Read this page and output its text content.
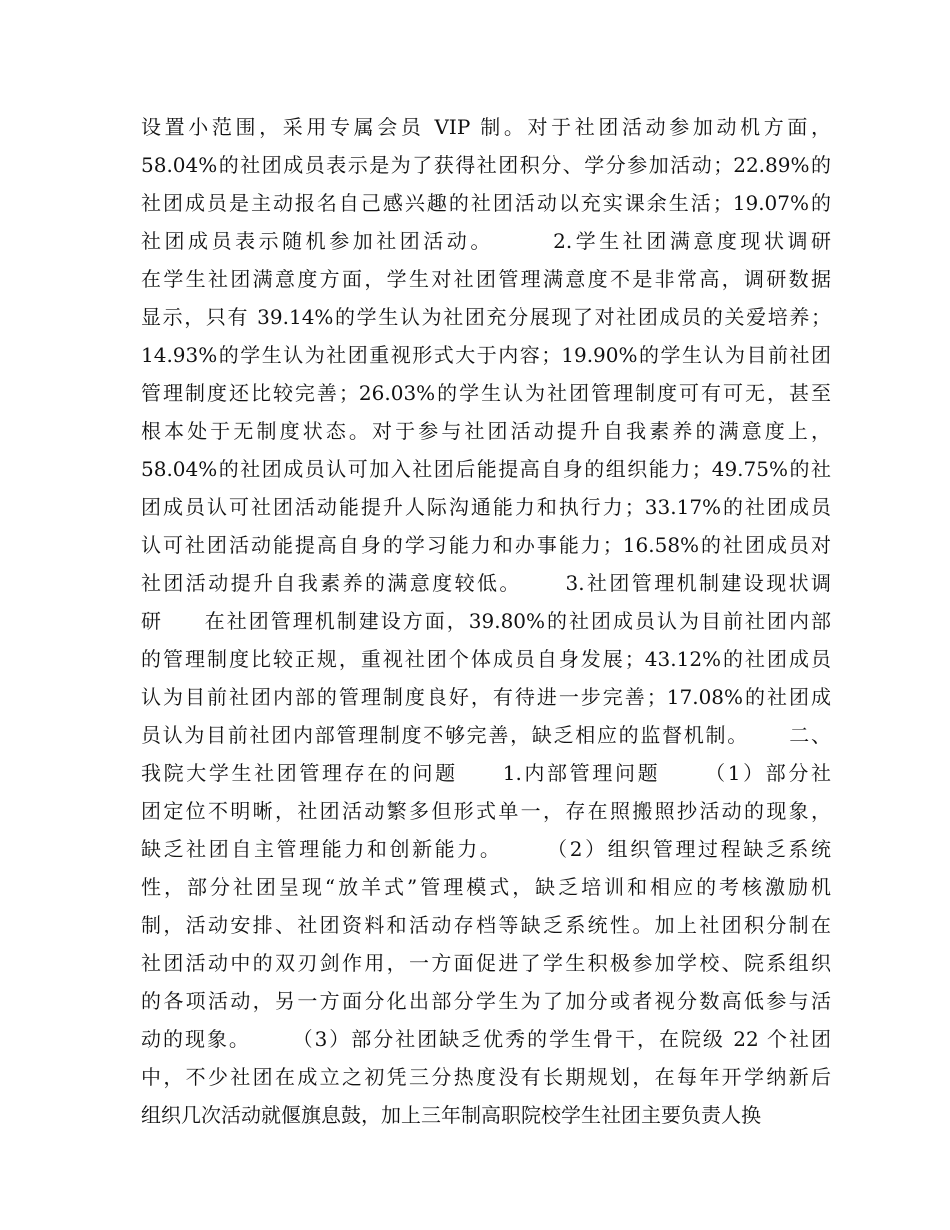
设置小范围，采用专属会员 VIP 制。对于社团活动参加动机方面，
58.04%的社团成员表示是为了获得社团积分、学分参加活动；22.89%的
社团成员是主动报名自己感兴趣的社团活动以充实课余生活；19.07%的
社团成员表示随机参加社团活动。      2.学生社团满意度现状调研
在学生社团满意度方面，学生对社团管理满意度不是非常高，调研数据
显示，只有 39.14%的学生认为社团充分展现了对社团成员的关爱培养；
14.93%的学生认为社团重视形式大于内容；19.90%的学生认为目前社团
管理制度还比较完善；26.03%的学生认为社团管理制度可有可无，甚至
根本处于无制度状态。对于参与社团活动提升自我素养的满意度上，
58.04%的社团成员认可加入社团后能提高自身的组织能力；49.75%的社
团成员认可社团活动能提升人际沟通能力和执行力；33.17%的社团成员
认可社团活动能提高自身的学习能力和办事能力；16.58%的社团成员对
社团活动提升自我素养的满意度较低。     3.社团管理机制建设现状调
研     在社团管理机制建设方面，39.80%的社团成员认为目前社团内部
的管理制度比较正规，重视社团个体成员自身发展；43.12%的社团成员
认为目前社团内部的管理制度良好，有待进一步完善；17.08%的社团成
员认为目前社团内部管理制度不够完善，缺乏相应的监督机制。     二、
我院大学生社团管理存在的问题     1.内部管理问题     （1）部分社
团定位不明晰，社团活动繁多但形式单一，存在照搬照抄活动的现象，
缺乏社团自主管理能力和创新能力。     （2）组织管理过程缺乏系统
性，部分社团呈现“放羊式”管理模式，缺乏培训和相应的考核激励机
制，活动安排、社团资料和活动存档等缺乏系统性。加上社团积分制在
社团活动中的双刃剑作用，一方面促进了学生积极参加学校、院系组织
的各项活动，另一方面分化出部分学生为了加分或者视分数高低参与活
动的现象。     （3）部分社团缺乏优秀的学生骨干，在院级 22 个社团
中，不少社团在成立之初凭三分热度没有长期规划，在每年开学纳新后
组织几次活动就偃旗息鼓，加上三年制高职院校学生社团主要负责人换
